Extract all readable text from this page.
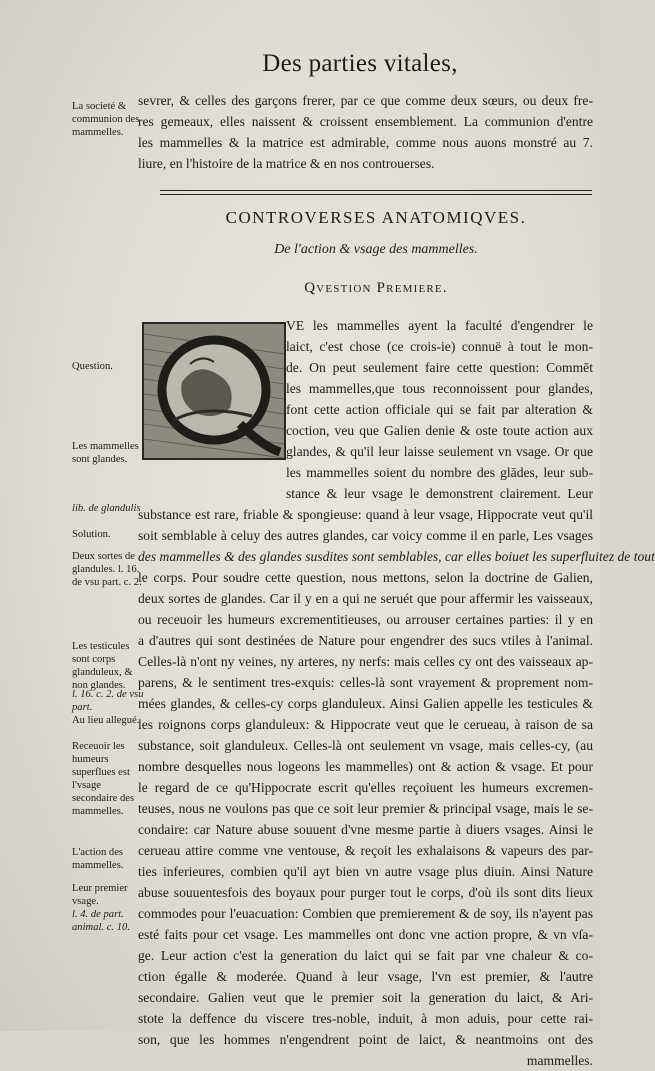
Des parties vitales,
La societé & communion des mammelles.
Question.
Les mammelles sont glandes.
lib. de glandulis
Solution.
Deux sortes de glandules. l. 16. de vsu part. c. 2.
Les testicules sont corps glanduleux, & non glandes.
l. 16. c. 2. de vsu part.
Au lieu allegué.
Receuoir les humeurs superflues est l'vsage secondaire des mammelles.
L'action des mammelles.
Leur premier vsage.
l. 4. de part. animal. c. 10.
sevrer, & celles des garçons frerer, par ce que comme deux sœurs, ou deux fre-
res gemeaux, elles naissent & croissent ensemblement. La communion d'entre
les mammelles & la matrice est admirable, comme nous auons monstré au 7.
liure, en l'histoire de la matrice & en nos controuerses.
CONTROVERSES ANATOMIQVES.
De l'action & vsage des mammelles.
Qvestion Premiere.
VE les mammelles ayent la faculté d'engendrer le
laict, c'est chose (ce crois-ie) connuë à tout le mon-
de. On peut seulement faire cette question: Commēt
les mammelles,que tous reconnoissent pour glandes,
font cette action officiale qui se fait par alteration &
coction, veu que Galien denie & oste toute action aux
glandes, & qu'il leur laisse seulement vn vsage. Or que
les mammelles soient du nombre des glādes, leur sub-
stance & leur vsage le demonstrent clairement. Leur
substance est rare, friable & spongieuse: quand à leur vsage, Hippocrate veut qu'il
soit semblable à celuy des autres glandes, car voicy comme il en parle, Les vsages
des mammelles & des glandes susdites sont semblables, car elles boiuet les superfluitez de tout
le corps. Pour soudre cette question, nous mettons, selon la doctrine de Galien,
deux sortes de glandes. Car il y en a qui ne seruét que pour affermir les vaisseaux,
ou receuoir les humeurs excrementitieuses, ou arrouser certaines parties: il y en
a d'autres qui sont destinées de Nature pour engendrer des sucs vtiles à l'animal.
Celles-là n'ont ny veines, ny arteres, ny nerfs: mais celles cy ont des vaisseaux ap-
parens, & le sentiment tres-exquis: celles-là sont vrayement & proprement nom-
mées glandes, & celles-cy corps glanduleux. Ainsi Galien appelle les testicules &
les roignons corps glanduleux: & Hippocrate veut que le cerueau, à raison de sa
substance, soit glanduleux. Celles-là ont seulement vn vsage, mais celles-cy, (au
nombre desquelles nous logeons les mammelles) ont & action & vsage. Et pour
le regard de ce qu'Hippocrate escrit qu'elles reçoiuent les humeurs excremen-
teuses, nous ne voulons pas que ce soit leur premier & principal vsage, mais le se-
condaire: car Nature abuse souuent d'vne mesme partie à diuers vsages. Ainsi le
cerueau attire comme vne ventouse, & reçoit les exhalaisons & vapeurs des par-
ties inferieures, combien qu'il ayt bien vn autre vsage plus diuin. Ainsi Nature
abuse souuentesfois des boyaux pour purger tout le corps, d'où ils sont dits lieux
commodes pour l'euacuation: Combien que premierement & de soy, ils n'ayent pas
esté faits pour cet vsage. Les mammelles ont donc vne action propre, & vn vſa-
ge. Leur action c'est la generation du laict qui se fait par vne chaleur & co-
ction égalle & moderée. Quand à leur vsage, l'vn est premier, & l'autre
secondaire. Galien veut que le premier soit la generation du laict, & Ari-
stote la deffence du viscere tres-noble, induit, à mon aduis, pour cette rai-
son, que les hommes n'engendrent point de laict, & neantmoins ont des
mammelles.
